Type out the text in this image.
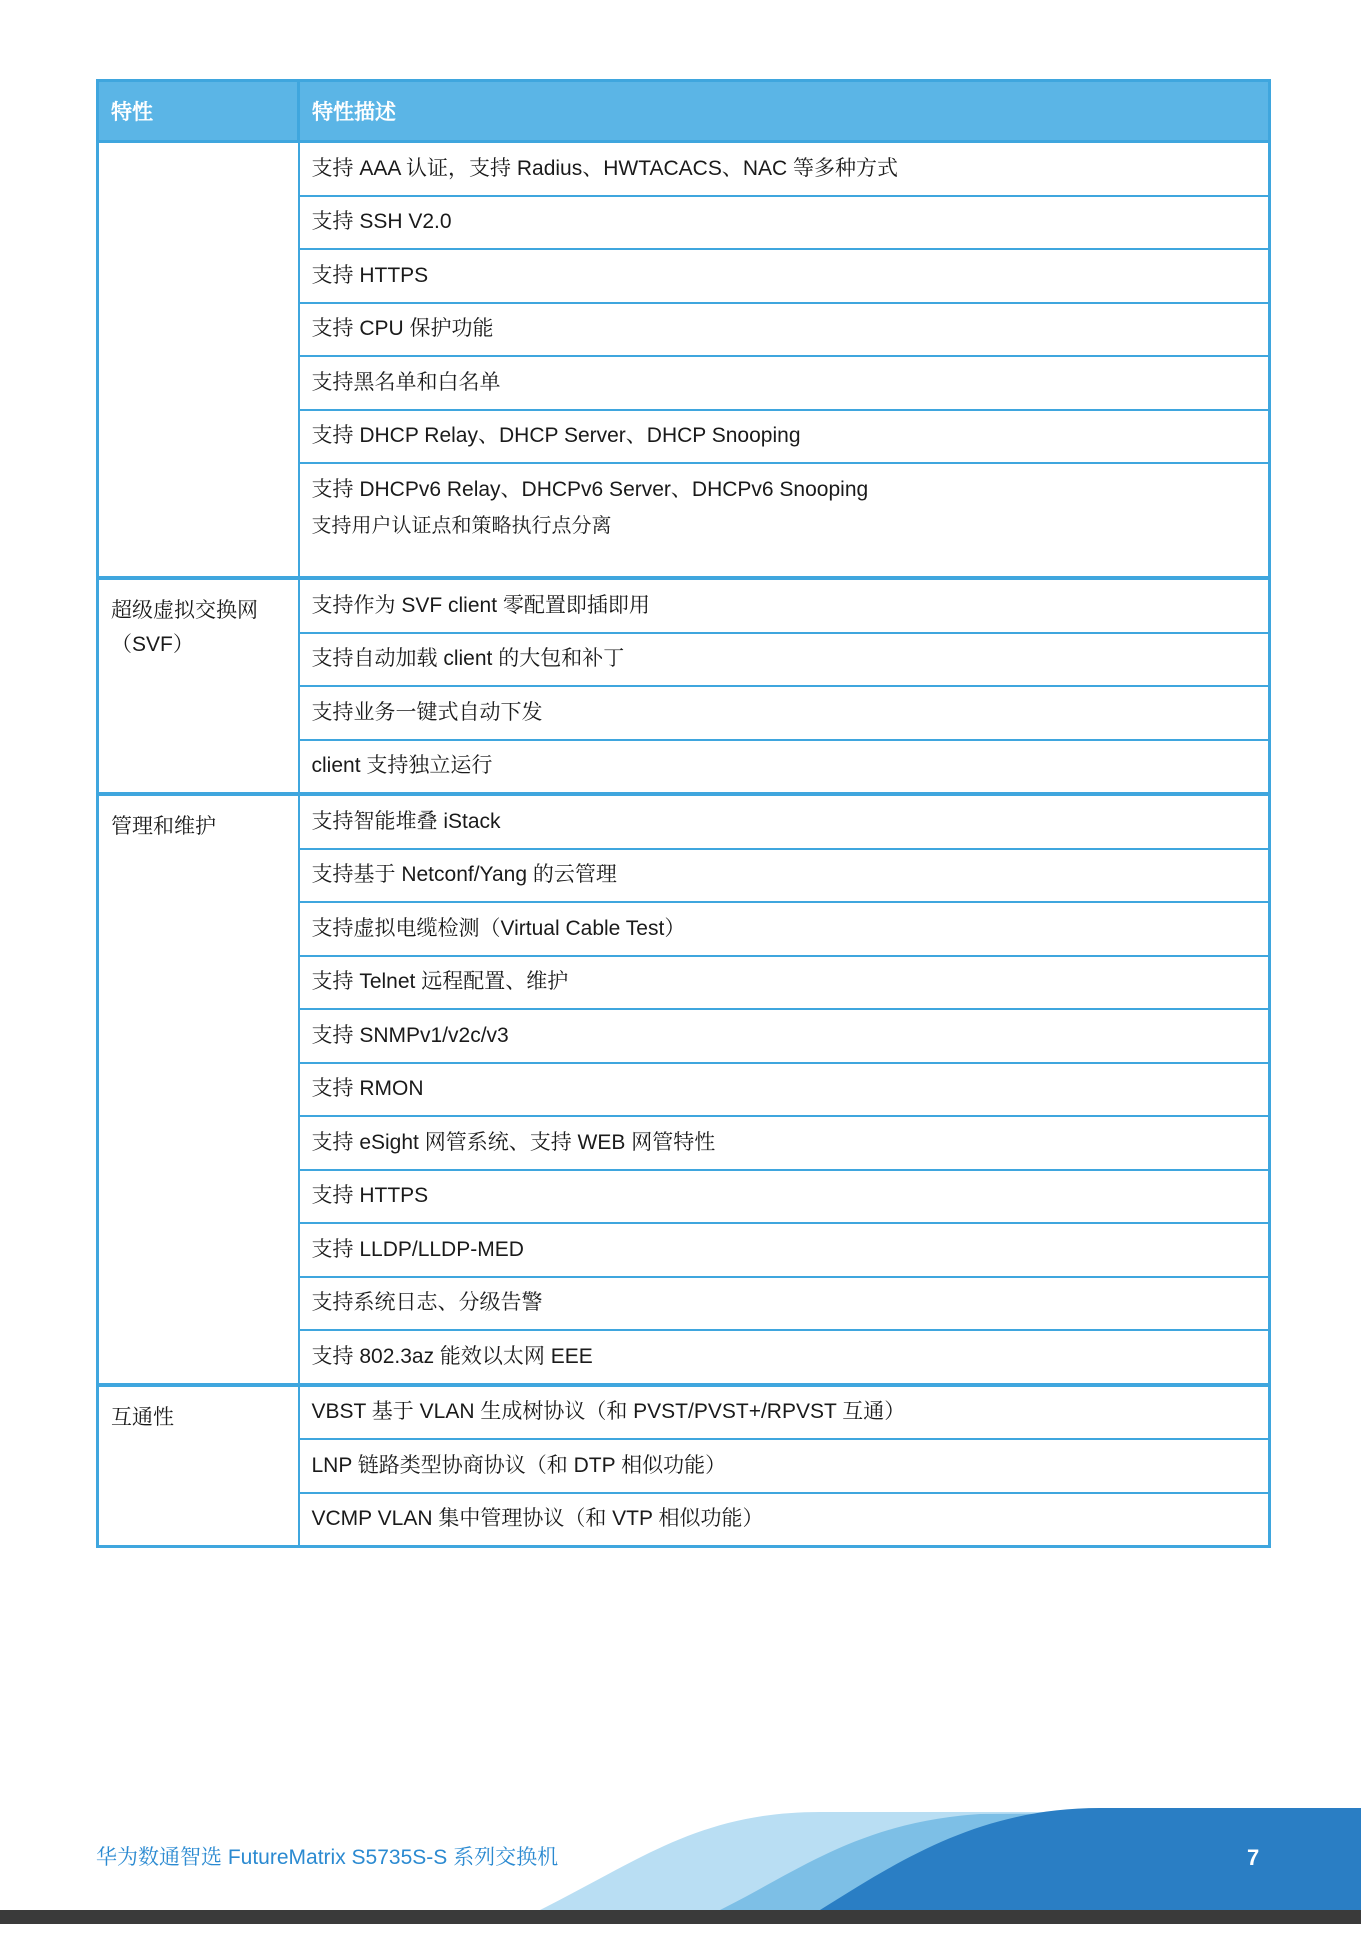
特性	特性描述
	支持 AAA 认证，支持 Radius、HWTACACS、NAC 等多种方式
	支持 SSH V2.0
	支持 HTTPS
	支持 CPU 保护功能
	支持黑名单和白名单
	支持 DHCP Relay、DHCP Server、DHCP Snooping
	支持 DHCPv6 Relay、DHCPv6 Server、DHCPv6 Snooping
支持用户认证点和策略执行点分离

超级虚拟交换网
（SVF）	支持作为 SVF client 零配置即插即用
	支持自动加载 client 的大包和补丁
	支持业务一键式自动下发
	client 支持独立运行
管理和维护	支持智能堆叠 iStack
	支持基于 Netconf/Yang 的云管理
	支持虚拟电缆检测（Virtual Cable Test）
	支持 Telnet 远程配置、维护
	支持 SNMPv1/v2c/v3
	支持 RMON
	支持 eSight 网管系统、支持 WEB 网管特性
	支持 HTTPS
	支持 LLDP/LLDP-MED
	支持系统日志、分级告警
	支持 802.3az 能效以太网 EEE
互通性	VBST 基于 VLAN 生成树协议（和 PVST/PVST+/RPVST 互通）
	LNP 链路类型协商协议（和 DTP 相似功能）
	VCMP VLAN 集中管理协议（和 VTP 相似功能）
华为数通智选 FutureMatrix S5735S-S 系列交换机	7
